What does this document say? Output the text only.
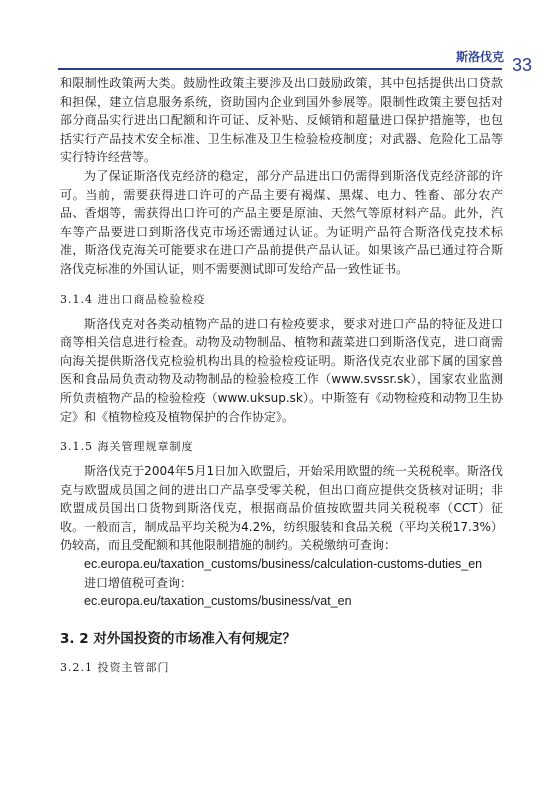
斯洛伐克 33

和限制性政策两大类。鼓励性政策主要涉及出口鼓励政策，其中包括提供出口贷款和担保，建立信息服务系统，资助国内企业到国外参展等。限制性政策主要包括对部分商品实行进出口配额和许可证、反补贴、反倾销和超量进口保护措施等，也包括实行产品技术安全标准、卫生标准及卫生检验检疫制度；对武器、危险化工品等实行特许经营等。

为了保证斯洛伐克经济的稳定，部分产品进出口仍需得到斯洛伐克经济部的许可。当前，需要获得进口许可的产品主要有褐煤、黑煤、电力、牲畜、部分农产品、香烟等，需获得出口许可的产品主要是原油、天然气等原材料产品。此外，汽车等产品要进口到斯洛伐克市场还需通过认证。为证明产品符合斯洛伐克技术标准，斯洛伐克海关可能要求在进口产品前提供产品认证。如果该产品已通过符合斯洛伐克标准的外国认证，则不需要测试即可发给产品一致性证书。

3.1.4 进出口商品检验检疫

斯洛伐克对各类动植物产品的进口有检疫要求，要求对进口产品的特征及进口商等相关信息进行检查。动物及动物制品、植物和蔬菜进口到斯洛伐克，进口商需向海关提供斯洛伐克检验机构出具的检验检疫证明。斯洛伐克农业部下属的国家兽医和食品局负责动物及动物制品的检验检疫工作（www.svssr.sk），国家农业监测所负责植物产品的检验检疫（www.uksup.sk）。中斯签有《动物检疫和动物卫生协定》和《植物检疫及植物保护的合作协定》。

3.1.5 海关管理规章制度

斯洛伐克于2004年5月1日加入欧盟后，开始采用欧盟的统一关税税率。斯洛伐克与欧盟成员国之间的进出口产品享受零关税，但出口商应提供交货核对证明；非欧盟成员国出口货物到斯洛伐克，根据商品价值按欧盟共同关税税率（CCT）征收。一般而言，制成品平均关税为4.2%，纺织服装和食品关税（平均关税17.3%）仍较高，而且受配额和其他限制措施的制约。关税缴纳可查询：

ec.europa.eu/taxation_customs/business/calculation-customs-duties_en

进口增值税可查询：

ec.europa.eu/taxation_customs/business/vat_en

3. 2 对外国投资的市场准入有何规定？
3.2.1 投资主管部门
